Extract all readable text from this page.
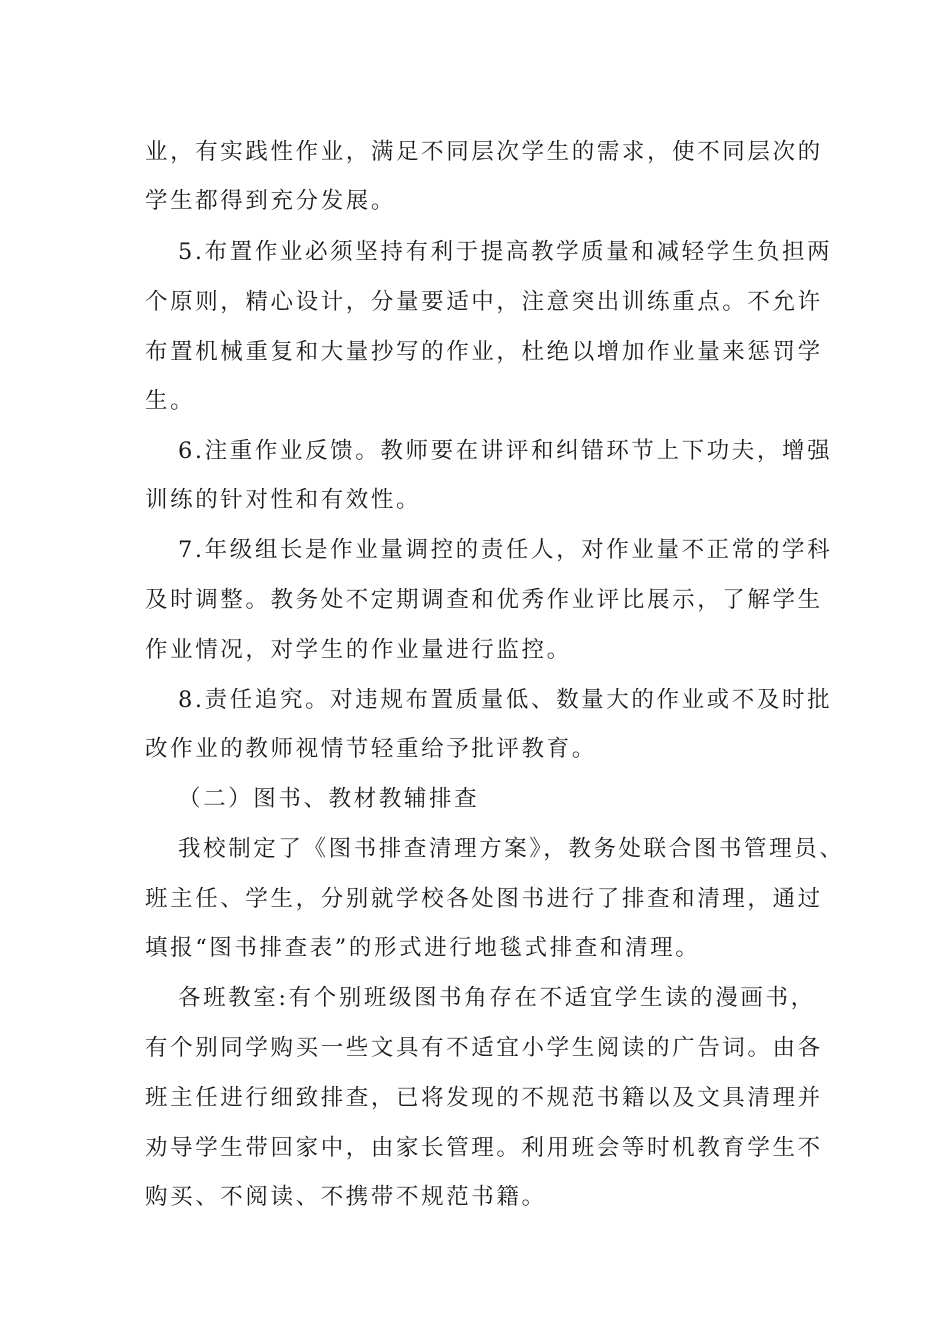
业，有实践性作业，满足不同层次学生的需求，使不同层次的

学生都得到充分发展。

5.布置作业必须坚持有利于提高教学质量和减轻学生负担两

个原则，精心设计，分量要适中，注意突出训练重点。不允许

布置机械重复和大量抄写的作业，杜绝以增加作业量来惩罚学

生。

6.注重作业反馈。教师要在讲评和纠错环节上下功夫，增强

训练的针对性和有效性。

7.年级组长是作业量调控的责任人，对作业量不正常的学科

及时调整。教务处不定期调查和优秀作业评比展示，了解学生

作业情况，对学生的作业量进行监控。

8.责任追究。对违规布置质量低、数量大的作业或不及时批

改作业的教师视情节轻重给予批评教育。

（二）图书、教材教辅排查

我校制定了《图书排查清理方案》，教务处联合图书管理员、

班主任、学生，分别就学校各处图书进行了排查和清理，通过

填报“图书排查表”的形式进行地毯式排查和清理。

各班教室:有个别班级图书角存在不适宜学生读的漫画书，

有个别同学购买一些文具有不适宜小学生阅读的广告词。由各

班主任进行细致排查，已将发现的不规范书籍以及文具清理并

劝导学生带回家中，由家长管理。利用班会等时机教育学生不

购买、不阅读、不携带不规范书籍。
